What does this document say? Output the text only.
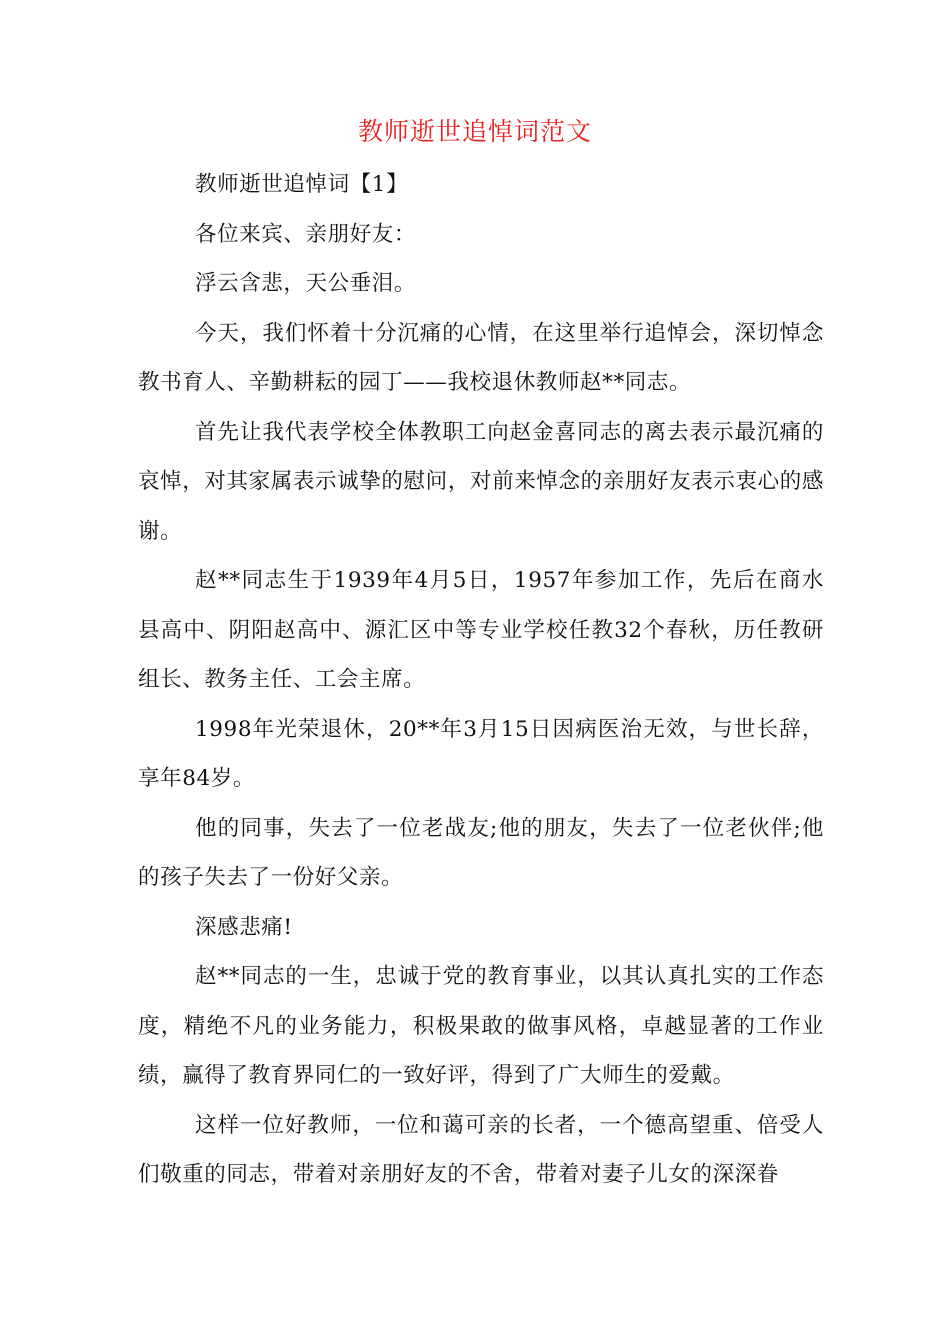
教师逝世追悼词范文

教师逝世追悼词【1】

各位来宾、亲朋好友：

浮云含悲，天公垂泪。

今天，我们怀着十分沉痛的心情，在这里举行追悼会，深切悼念教书育人、辛勤耕耘的园丁——我校退休教师赵**同志。

首先让我代表学校全体教职工向赵金喜同志的离去表示最沉痛的哀悼，对其家属表示诚挚的慰问，对前来悼念的亲朋好友表示衷心的感谢。

赵**同志生于1939年4月5日，1957年参加工作，先后在商水县高中、阴阳赵高中、源汇区中等专业学校任教32个春秋，历任教研组长、教务主任、工会主席。

1998年光荣退休，20**年3月15日因病医治无效，与世长辞，享年84岁。

他的同事，失去了一位老战友;他的朋友，失去了一位老伙伴;他的孩子失去了一份好父亲。

深感悲痛!

赵**同志的一生，忠诚于党的教育事业，以其认真扎实的工作态度，精绝不凡的业务能力，积极果敢的做事风格，卓越显著的工作业绩，赢得了教育界同仁的一致好评，得到了广大师生的爱戴。

这样一位好教师，一位和蔼可亲的长者，一个德高望重、倍受人们敬重的同志，带着对亲朋好友的不舍，带着对妻子儿女的深深眷
